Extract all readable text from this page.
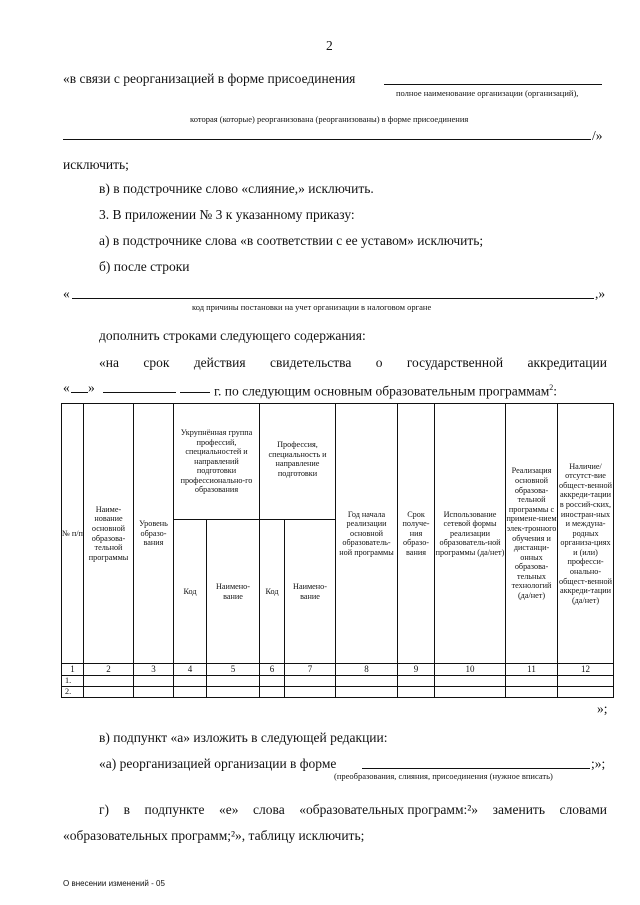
2
«в связи с реорганизацией в форме присоединения
полное наименование организации (организаций),
которая (которые) реорганизована (реорганизованы) в форме присоединения
/»
исключить;
в) в подстрочнике слово «слияние,» исключить.
3. В приложении № 3 к указанному приказу:
а) в подстрочнике слова «в соответствии с ее уставом» исключить;
б) после строки
«	,»
код причины постановки на учет организации в налоговом органе
дополнить строками следующего содержания:
«на срок действия свидетельства о государственной аккредитации
« »	г. по следующим основным образовательным программам$^2$:
№ п/п	Наиме-нование основной образова-тельной программы	Уровень образо-вания	Укрупнённая группа профессий, специальностей и направлений подготовки профессионально-го образования		Профессия, специальность и направление подготовки		Год начала реализации основной образователь-ной программы	Срок получе-ния образо-вания	Использование сетевой формы реализации образователь-ной программы (да/нет)	Реализация основной образова-тельной программы с примене-нием элек-тронного обучения и дистанци-онных образова-тельных технологий (да/нет)	Наличие/ отсутст-вие общест-венной аккреди-тации в россий-ских, иностран-ных и междуна-родных организа-циях и (или) професси-онально-общест-венной аккреди-тации (да/нет)
			Код	Наимено-вание	Код	Наимено-вание					
1	2	3	4	5	6	7	8	9	10	11	12
1.											
2.											
»;
в) подпункт «а» изложить в следующей редакции:
«а) реорганизацией организации в форме	;»;
(преобразования, слияния, присоединения (нужное вписать)
г) в подпункте «е» слова «образовательных программ:²» заменить словами
«образовательных программ;²», таблицу исключить;
О внесении изменений - 05
